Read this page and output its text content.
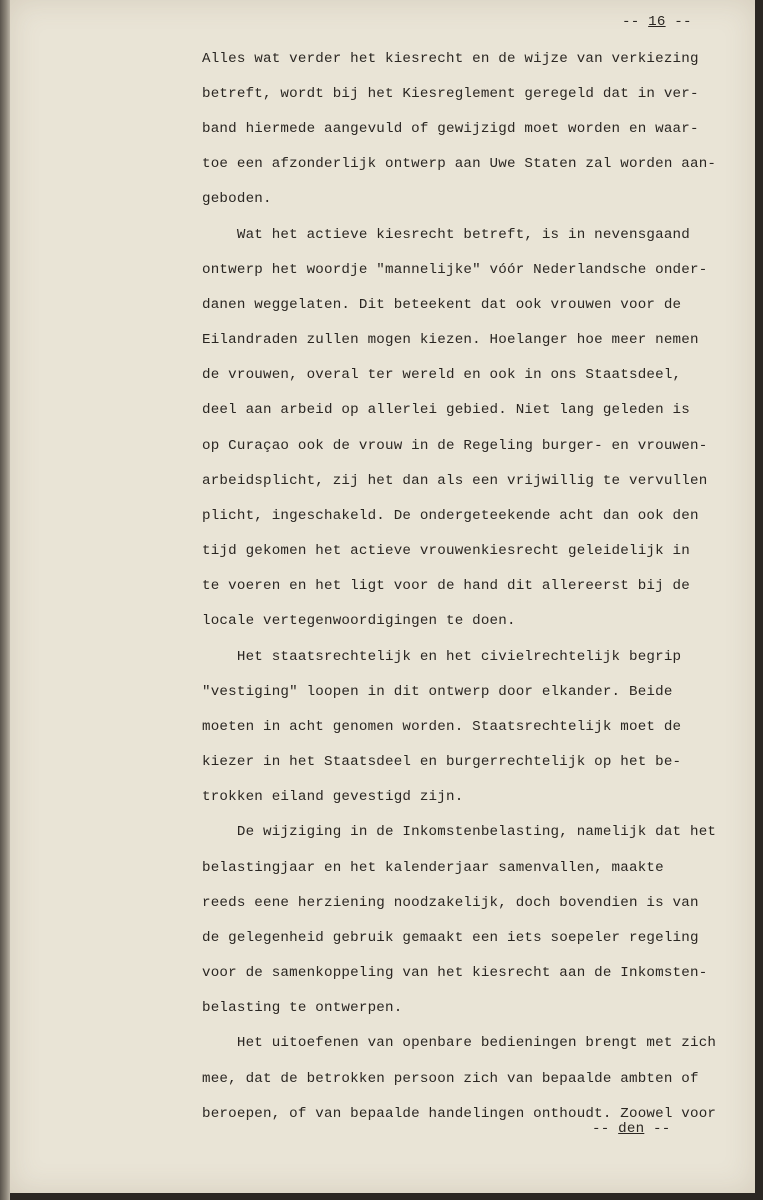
-- 16 --
Alles wat verder het kiesrecht en de wijze van verkiezing
betreft, wordt bij het Kiesreglement geregeld dat in ver-
band hiermede aangevuld of gewijzigd moet worden en waar-
toe een afzonderlijk ontwerp aan Uwe Staten zal worden aan-
geboden.
Wat het actieve kiesrecht betreft, is in nevensgaand
ontwerp het woordje "mannelijke" vóór Nederlandsche onder-
danen weggelaten. Dit beteekent dat ook vrouwen voor de
Eilandraden zullen mogen kiezen. Hoelanger hoe meer nemen
de vrouwen, overal ter wereld en ook in ons Staatsdeel,
deel aan arbeid op allerlei gebied. Niet lang geleden is
op Curaçao ook de vrouw in de Regeling burger- en vrouwen-
arbeidsplicht, zij het dan als een vrijwillig te vervullen
plicht, ingeschakeld. De ondergeteekende acht dan ook den
tijd gekomen het actieve vrouwenkiesrecht geleidelijk in
te voeren en het ligt voor de hand dit allereerst bij de
locale vertegenwoordigingen te doen.
Het staatsrechtelijk en het civielrechtelijk begrip
"vestiging" loopen in dit ontwerp door elkander. Beide
moeten in acht genomen worden. Staatsrechtelijk moet de
kiezer in het Staatsdeel en burgerrechtelijk op het be-
trokken eiland gevestigd zijn.
De wijziging in de Inkomstenbelasting, namelijk dat het
belastingjaar en het kalenderjaar samenvallen, maakte
reeds eene herziening noodzakelijk, doch bovendien is van
de gelegenheid gebruik gemaakt een iets soepeler regeling
voor de samenkoppeling van het kiesrecht aan de Inkomsten-
belasting te ontwerpen.
Het uitoefenen van openbare bedieningen brengt met zich
mee, dat de betrokken persoon zich van bepaalde ambten of
beroepen, of van bepaalde handelingen onthoudt. Zoowel voor
-- den --
